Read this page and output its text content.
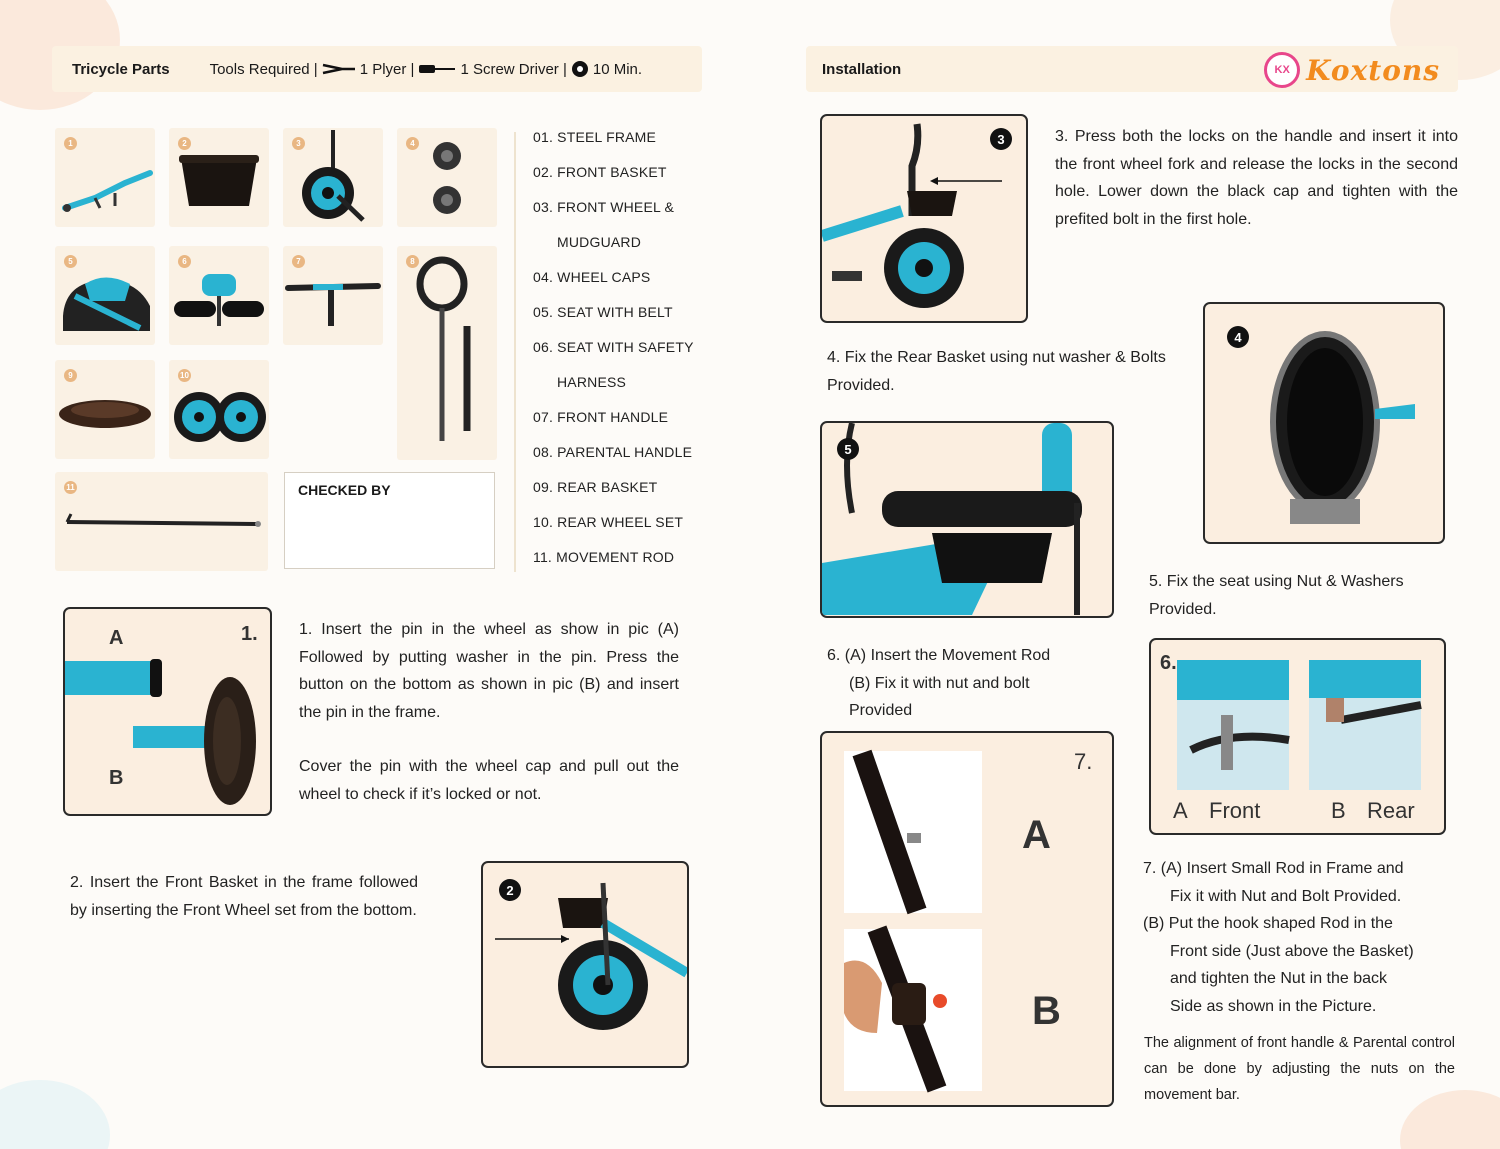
Tricycle Parts	Tools Required |	1 Plyer |	1 Screw Driver | 10 Min.	Installation	KX Koxtons
1	2	3	4
5	6	7	8
9	10
11	CHECKED BY
01. STEEL FRAME
02. FRONT BASKET
03. FRONT WHEEL &
MUDGUARD
04. WHEEL CAPS
05. SEAT WITH BELT
06. SEAT WITH SAFETY
HARNESS
07. FRONT HANDLE
08. PARENTAL HANDLE
09. REAR BASKET
10. REAR WHEEL SET
11. MOVEMENT ROD
A	1.
B

1. Insert the pin in the wheel as show in pic (A) Followed by putting washer in the pin. Press the button on the bottom as shown in pic (B) and insert the pin in the frame.

Cover the pin with the wheel cap and pull out the wheel to check if it’s locked or not.

2. Insert the Front Basket in the frame followed by inserting the Front Wheel set from the bottom.
2
3	3. Press both the locks on the handle and insert it into the front wheel fork and release the locks in the second hole. Lower down the black cap and tighten with the prefited bolt in the first hole.
4. Fix the Rear Basket using nut washer & Bolts Provided.
4
5
5. Fix the seat using Nut & Washers Provided.

6. (A) Insert the Movement Rod

(B) Fix it with nut and bolt

Provided

6.
A Front	B Rear
7.
A
B

7. (A) Insert Small Rod in Frame and

Fix it with Nut and Bolt Provided.

(B) Put the hook shaped Rod in the

Front side (Just above the Basket)

and tighten the Nut in the back

Side as shown in the Picture.

The alignment of front handle & Parental control can be done by adjusting the nuts on the movement bar.
